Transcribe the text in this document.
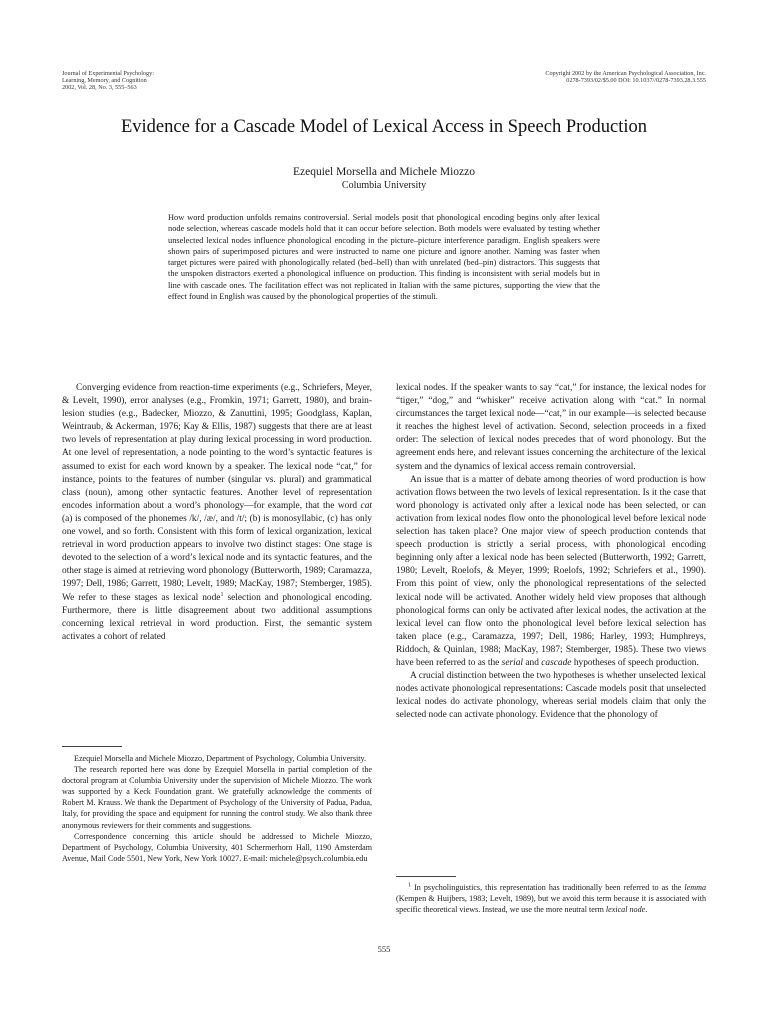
Journal of Experimental Psychology:
Learning, Memory, and Cognition
2002, Vol. 28, No. 3, 555–563
Copyright 2002 by the American Psychological Association, Inc.
0278-7393/02/$5.00 DOI: 10.1037//0278-7393.28.3.555
Evidence for a Cascade Model of Lexical Access in Speech Production
Ezequiel Morsella and Michele Miozzo
Columbia University
How word production unfolds remains controversial. Serial models posit that phonological encoding begins only after lexical node selection, whereas cascade models hold that it can occur before selection. Both models were evaluated by testing whether unselected lexical nodes influence phonological encoding in the picture–picture interference paradigm. English speakers were shown pairs of superimposed pictures and were instructed to name one picture and ignore another. Naming was faster when target pictures were paired with phonologically related (bed–bell) than with unrelated (bed–pin) distractors. This suggests that the unspoken distractors exerted a phonological influence on production. This finding is inconsistent with serial models but in line with cascade ones. The facilitation effect was not replicated in Italian with the same pictures, supporting the view that the effect found in English was caused by the phonological properties of the stimuli.

Converging evidence from reaction-time experiments (e.g., Schriefers, Meyer, & Levelt, 1990), error analyses (e.g., Fromkin, 1971; Garrett, 1980), and brain-lesion studies (e.g., Badecker, Miozzo, & Zanuttini, 1995; Goodglass, Kaplan, Weintraub, & Ackerman, 1976; Kay & Ellis, 1987) suggests that there are at least two levels of representation at play during lexical processing in word production. At one level of representation, a node pointing to the word’s syntactic features is assumed to exist for each word known by a speaker. The lexical node “cat,” for instance, points to the features of number (singular vs. plural) and grammatical class (noun), among other syntactic features. Another level of representation encodes information about a word’s phonology—for example, that the word cat (a) is composed of the phonemes /k/, /æ/, and /t/; (b) is monosyllabic, (c) has only one vowel, and so forth. Consistent with this form of lexical organization, lexical retrieval in word production appears to involve two distinct stages: One stage is devoted to the selection of a word’s lexical node and its syntactic features, and the other stage is aimed at retrieving word phonology (Butterworth, 1989; Caramazza, 1997; Dell, 1986; Garrett, 1980; Levelt, 1989; MacKay, 1987; Stemberger, 1985). We refer to these stages as lexical node$^1$ selection and phonological encoding. Furthermore, there is little disagreement about two additional assumptions concerning lexical retrieval in word production. First, the semantic system activates a cohort of related

lexical nodes. If the speaker wants to say “cat,” for instance, the lexical nodes for “tiger,” “dog,” and “whisker” receive activation along with “cat.” In normal circumstances the target lexical node—“cat,” in our example—is selected because it reaches the highest level of activation. Second, selection proceeds in a fixed order: The selection of lexical nodes precedes that of word phonology. But the agreement ends here, and relevant issues concerning the architecture of the lexical system and the dynamics of lexical access remain controversial.

An issue that is a matter of debate among theories of word production is how activation flows between the two levels of lexical representation. Is it the case that word phonology is activated only after a lexical node has been selected, or can activation from lexical nodes flow onto the phonological level before lexical node selection has taken place? One major view of speech production contends that speech production is strictly a serial process, with phonological encoding beginning only after a lexical node has been selected (Butterworth, 1992; Garrett, 1980; Levelt, Roelofs, & Meyer, 1999; Roelofs, 1992; Schriefers et al., 1990). From this point of view, only the phonological representations of the selected lexical node will be activated. Another widely held view proposes that although phonological forms can only be activated after lexical nodes, the activation at the lexical level can flow onto the phonological level before lexical selection has taken place (e.g., Caramazza, 1997; Dell, 1986; Harley, 1993; Humphreys, Riddoch, & Quinlan, 1988; MacKay, 1987; Stemberger, 1985). These two views have been referred to as the serial and cascade hypotheses of speech production.

A crucial distinction between the two hypotheses is whether unselected lexical nodes activate phonological representations: Cascade models posit that unselected lexical nodes do activate phonology, whereas serial models claim that only the selected node can activate phonology. Evidence that the phonology of

Ezequiel Morsella and Michele Miozzo, Department of Psychology, Columbia University.

The research reported here was done by Ezequiel Morsella in partial completion of the doctoral program at Columbia University under the supervision of Michele Miozzo. The work was supported by a Keck Foundation grant. We gratefully acknowledge the comments of Robert M. Krauss. We thank the Department of Psychology of the University of Padua, Padua, Italy, for providing the space and equipment for running the control study. We also thank three anonymous reviewers for their comments and suggestions.

Correspondence concerning this article should be addressed to Michele Miozzo, Department of Psychology, Columbia University, 401 Schermerhorn Hall, 1190 Amsterdam Avenue, Mail Code 5501, New York, New York 10027. E-mail: michele@psych.columbia.edu

$^1$ In psycholinguistics, this representation has traditionally been referred to as the lemma (Kempen & Huijbers, 1983; Levelt, 1989), but we avoid this term because it is associated with specific theoretical views. Instead, we use the more neutral term lexical node.

555
